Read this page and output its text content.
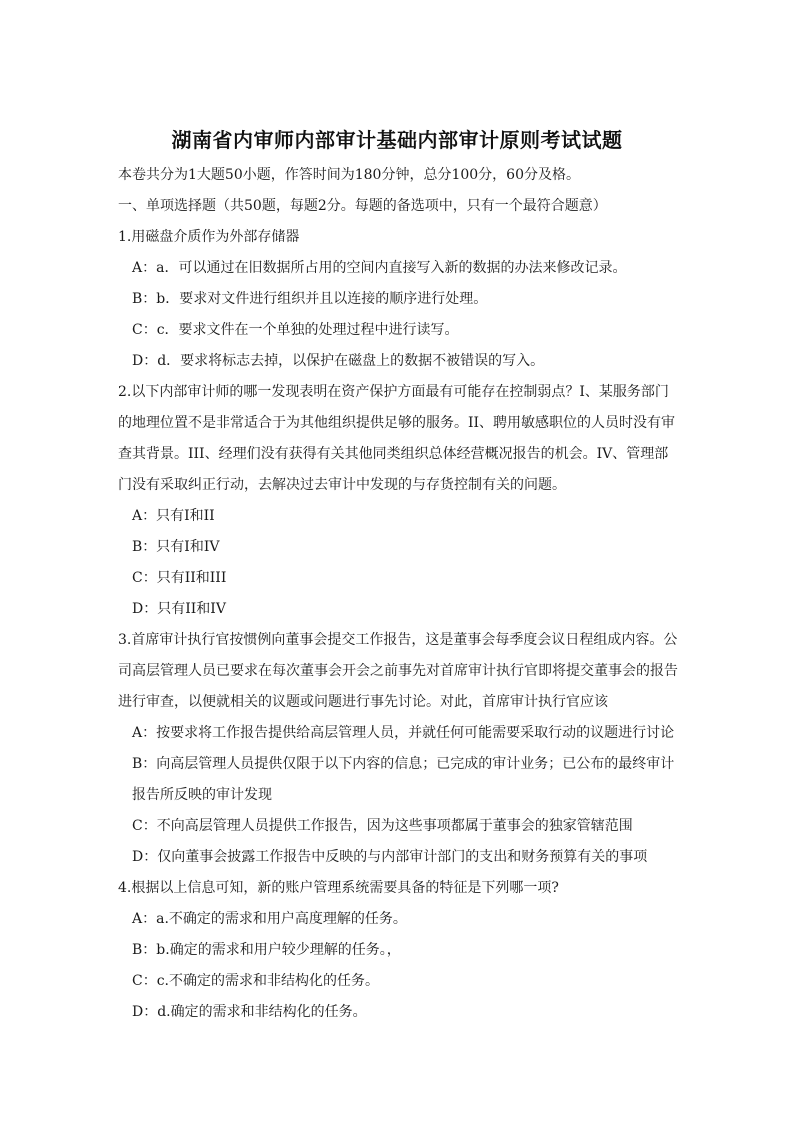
湖南省内审师内部审计基础内部审计原则考试试题
本卷共分为1大题50小题，作答时间为180分钟，总分100分，60分及格。
一、单项选择题（共50题，每题2分。每题的备选项中，只有一个最符合题意）
1.用磁盘介质作为外部存储器
A：a．可以通过在旧数据所占用的空间内直接写入新的数据的办法来修改记录。
B：b．要求对文件进行组织并且以连接的顺序进行处理。
C：c．要求文件在一个单独的处理过程中进行读写。
D：d．要求将标志去掉，以保护在磁盘上的数据不被错误的写入。
2.以下内部审计师的哪一发现表明在资产保护方面最有可能存在控制弱点？I、某服务部门的地理位置不是非常适合于为其他组织提供足够的服务。II、聘用敏感职位的人员时没有审查其背景。III、经理们没有获得有关其他同类组织总体经营概况报告的机会。IV、管理部门没有采取纠正行动，去解决过去审计中发现的与存货控制有关的问题。
A：只有I和II
B：只有I和IV
C：只有II和III
D：只有II和IV
3.首席审计执行官按惯例向董事会提交工作报告，这是董事会每季度会议日程组成内容。公司高层管理人员已要求在每次董事会开会之前事先对首席审计执行官即将提交董事会的报告进行审查，以便就相关的议题或问题进行事先讨论。对此，首席审计执行官应该
A：按要求将工作报告提供给高层管理人员，并就任何可能需要采取行动的议题进行讨论
B：向高层管理人员提供仅限于以下内容的信息；已完成的审计业务；已公布的最终审计报告所反映的审计发现
C：不向高层管理人员提供工作报告，因为这些事项都属于董事会的独家管辖范围
D：仅向董事会披露工作报告中反映的与内部审计部门的支出和财务预算有关的事项
4.根据以上信息可知，新的账户管理系统需要具备的特征是下列哪一项?
A：a.不确定的需求和用户高度理解的任务。
B：b.确定的需求和用户较少理解的任务。，
C：c.不确定的需求和非结构化的任务。
D：d.确定的需求和非结构化的任务。
